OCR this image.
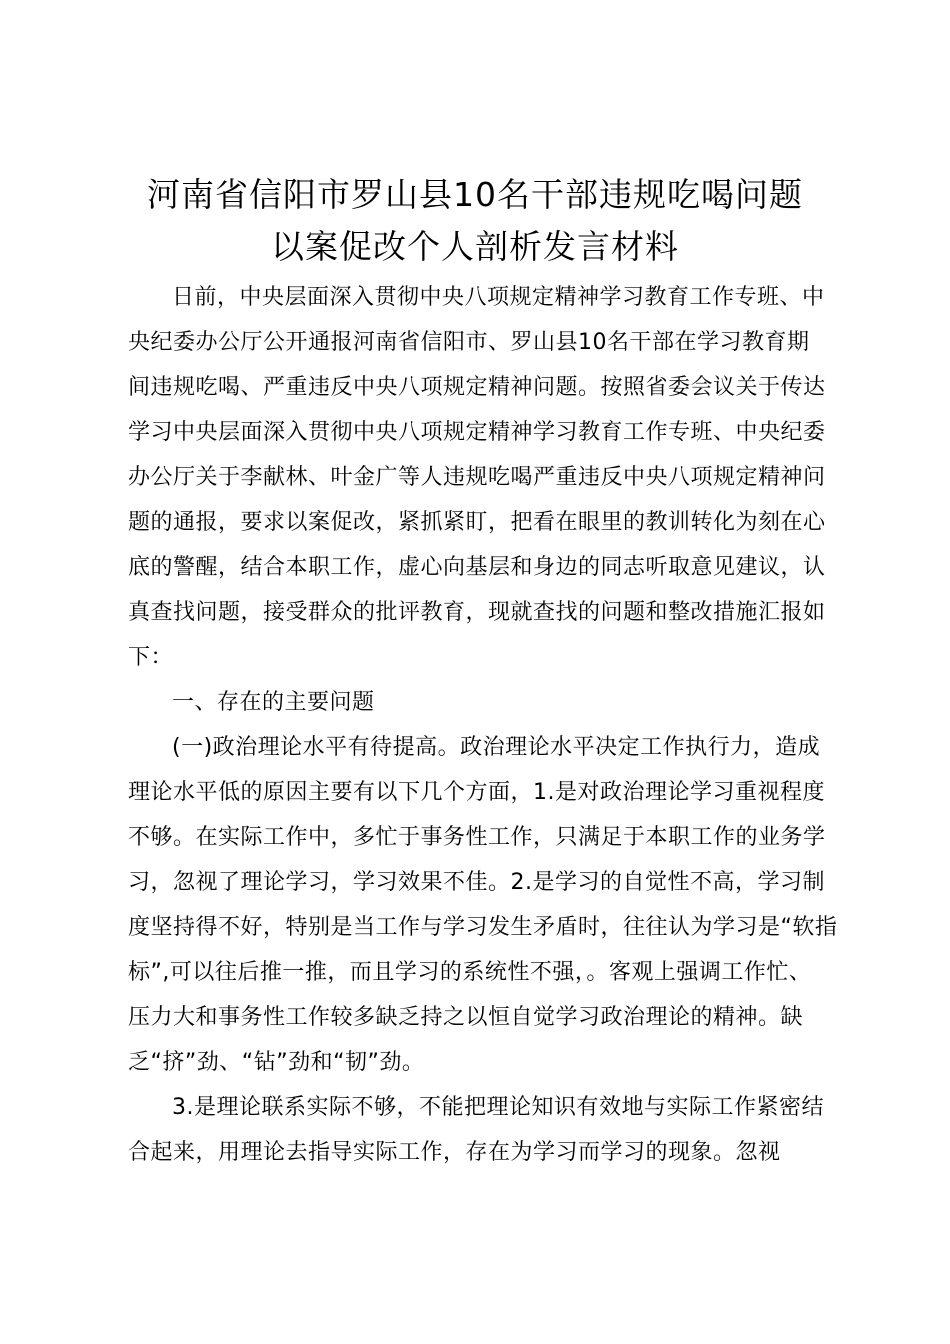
河南省信阳市罗山县10名干部违规吃喝问题
以案促改个人剖析发言材料
日前，中央层面深入贯彻中央八项规定精神学习教育工作专班、中
央纪委办公厅公开通报河南省信阳市、罗山县10名干部在学习教育期
间违规吃喝、严重违反中央八项规定精神问题。按照省委会议关于传达
学习中央层面深入贯彻中央八项规定精神学习教育工作专班、中央纪委
办公厅关于李献林、叶金广等人违规吃喝严重违反中央八项规定精神问
题的通报，要求以案促改，紧抓紧盯，把看在眼里的教训转化为刻在心
底的警醒，结合本职工作，虚心向基层和身边的同志听取意见建议，认
真查找问题，接受群众的批评教育，现就查找的问题和整改措施汇报如
下：
一、存在的主要问题
(一)政治理论水平有待提高。政治理论水平决定工作执行力，造成
理论水平低的原因主要有以下几个方面，1.是对政治理论学习重视程度
不够。在实际工作中，多忙于事务性工作，只满足于本职工作的业务学
习，忽视了理论学习，学习效果不佳。2.是学习的自觉性不高，学习制
度坚持得不好，特别是当工作与学习发生矛盾时，往往认为学习是“软指
标”,可以往后推一推，而且学习的系统性不强，。客观上强调工作忙、
压力大和事务性工作较多缺乏持之以恒自觉学习政治理论的精神。缺
乏“挤”劲、“钻”劲和“韧”劲。
3.是理论联系实际不够，不能把理论知识有效地与实际工作紧密结
合起来，用理论去指导实际工作，存在为学习而学习的现象。忽视
